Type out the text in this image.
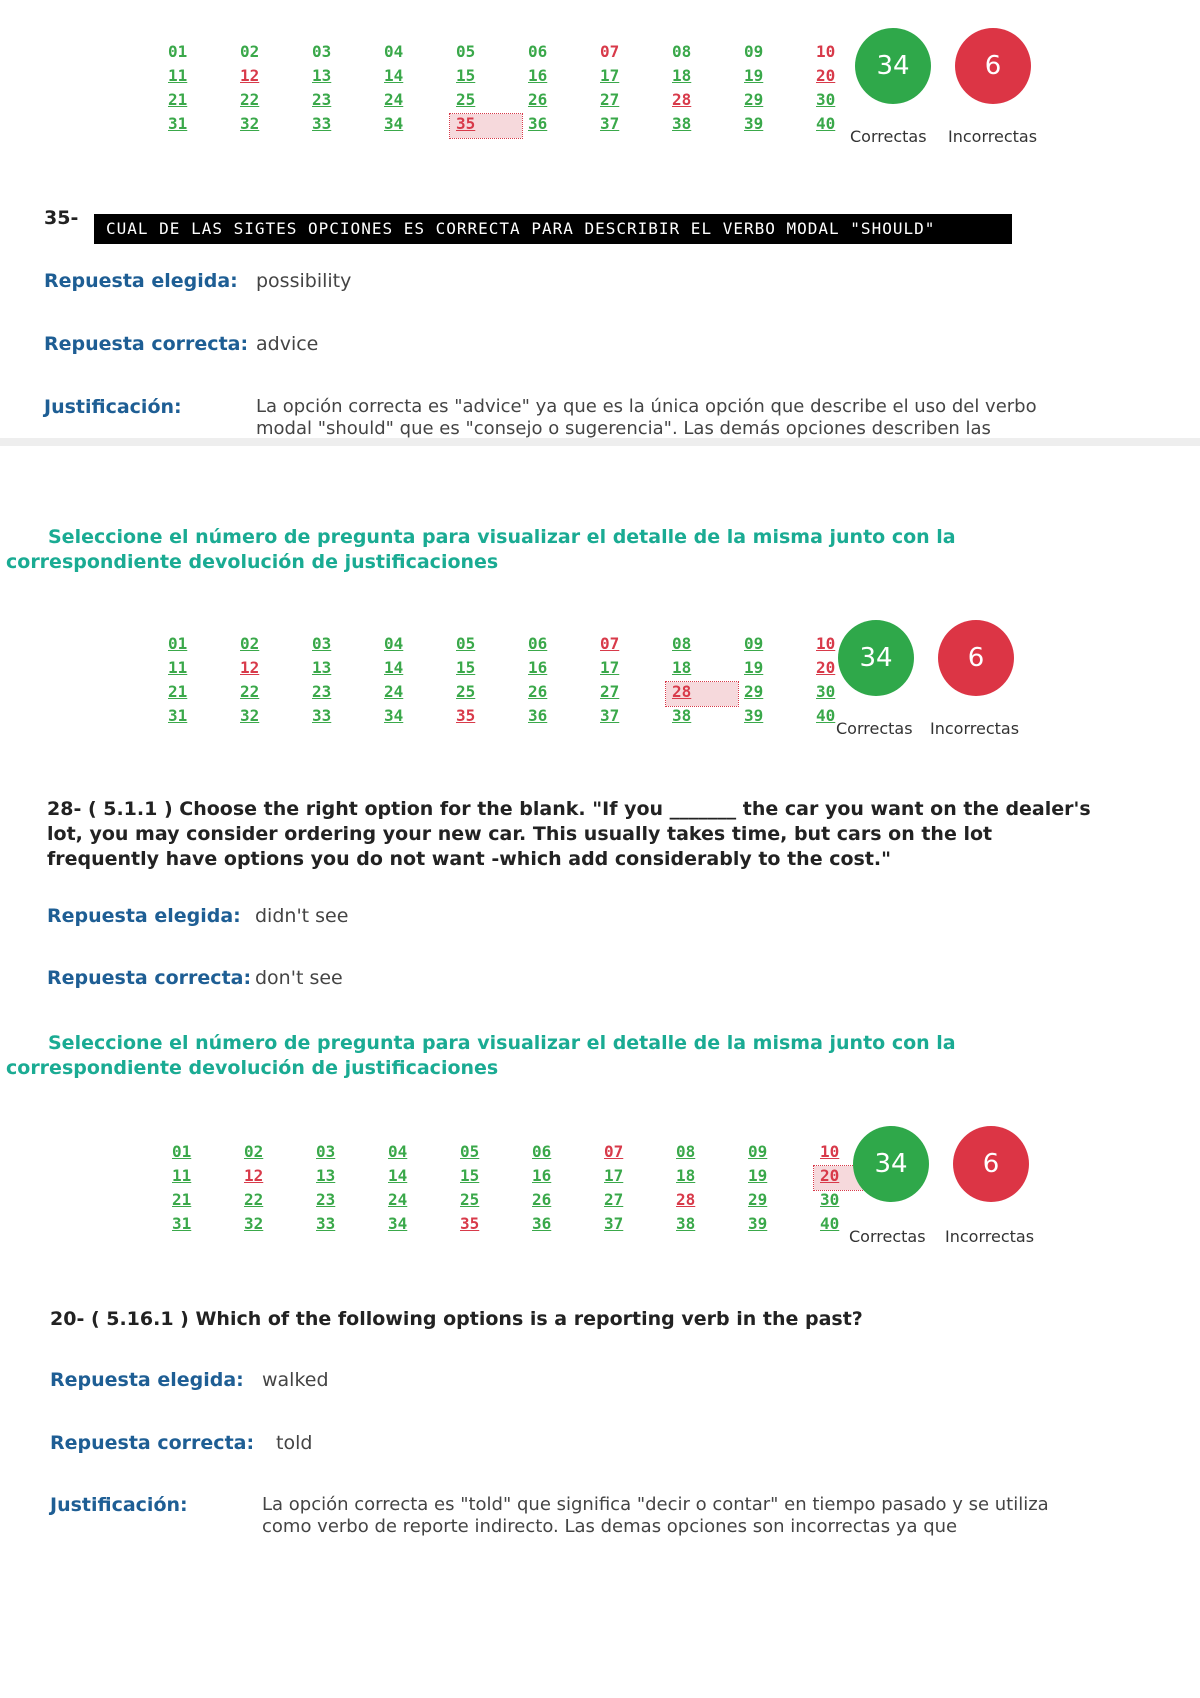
01	02	03	04	05	06	07	08	09	10
11	12	13	14	15	16	17	18	19	20
21	22	23	24	25	26	27	28	29	30
31	32	33	34	35	36	37	38	39	40
34	6
Correctas Incorrectas
35-	CUAL DE LAS SIGTES OPCIONES ES CORRECTA PARA DESCRIBIR EL VERBO MODAL "SHOULD"
Repuesta elegida: possibility
Repuesta correcta: advice
Justificación:	La opción correcta es "advice" ya que es la única opción que describe el uso del verbo modal "should" que es "consejo o sugerencia". Las demás opciones describen las
Seleccione el número de pregunta para visualizar el detalle de la misma junto con la correspondiente devolución de justificaciones
01	02	03	04	05	06	07	08	09	10
11	12	13	14	15	16	17	18	19	20
21	22	23	24	25	26	27	28	29	30
31	32	33	34	35	36	37	38	39	40
34	6
Correctas Incorrectas
28- ( 5.1.1 ) Choose the right option for the blank. "If you _______ the car you want on the dealer's lot, you may consider ordering your new car. This usually takes time, but cars on the lot frequently have options you do not want -which add considerably to the cost."
Repuesta elegida: didn't see
Repuesta correcta: don't see
Seleccione el número de pregunta para visualizar el detalle de la misma junto con la correspondiente devolución de justificaciones
01	02	03	04	05	06	07	08	09	10
11	12	13	14	15	16	17	18	19	20
21	22	23	24	25	26	27	28	29	30
31	32	33	34	35	36	37	38	39	40
34	6
Correctas Incorrectas
20- ( 5.16.1 ) Which of the following options is a reporting verb in the past?
Repuesta elegida: walked
Repuesta correcta: told
Justificación:	La opción correcta es "told" que significa "decir o contar" en tiempo pasado y se utiliza como verbo de reporte indirecto. Las demas opciones son incorrectas ya que
